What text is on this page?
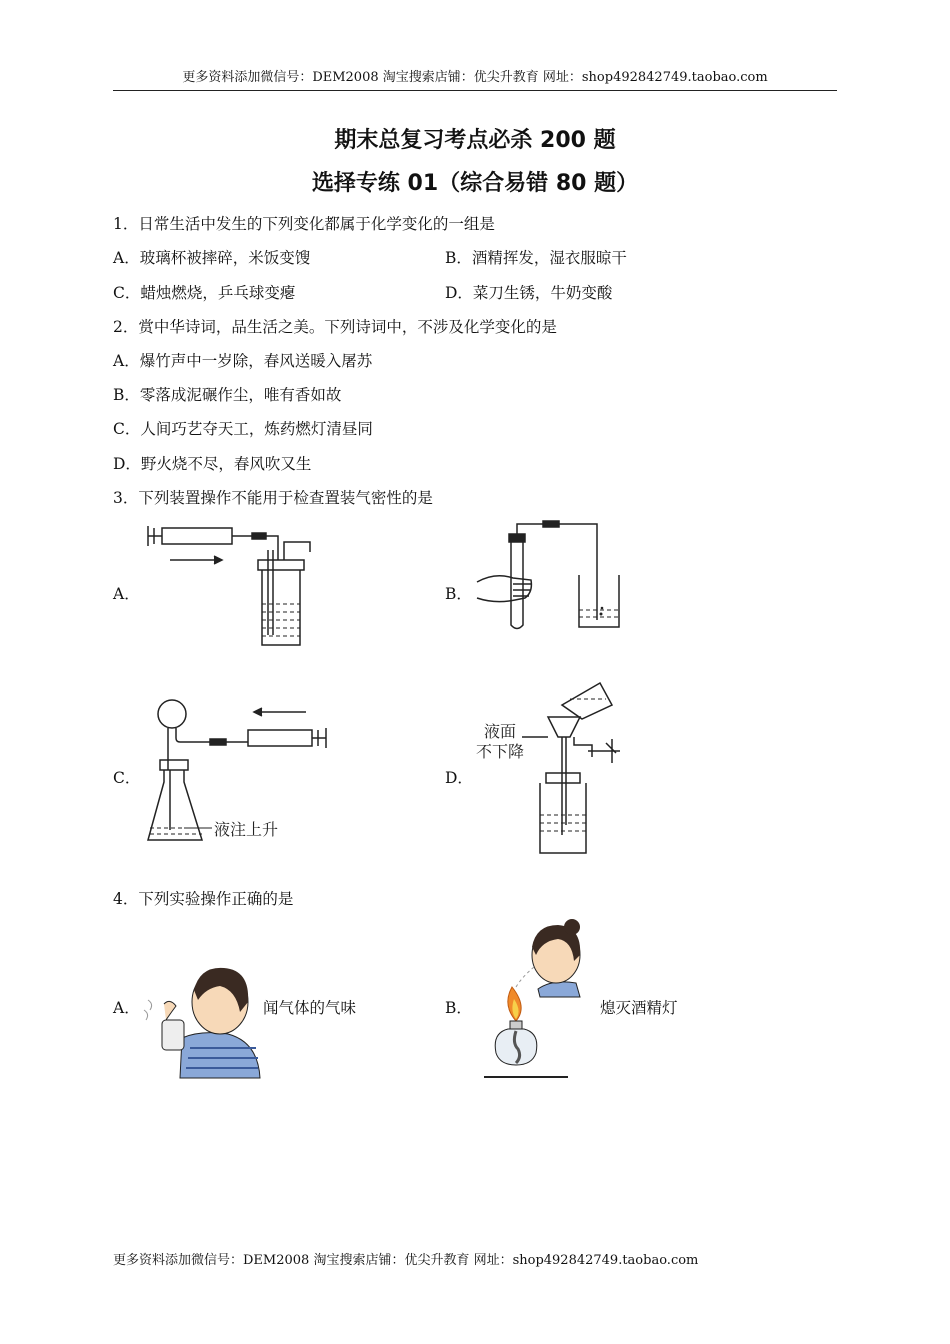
更多资料添加微信号：DEM2008 淘宝搜索店铺：优尖升教育 网址：shop492842749.taobao.com
期末总复习考点必杀 200 题
选择专练 01（综合易错 80 题）
1．日常生活中发生的下列变化都属于化学变化的一组是
A．玻璃杯被摔碎，米饭变馊	B．酒精挥发，湿衣服晾干
C．蜡烛燃烧，乒乓球变瘪	D．菜刀生锈，牛奶变酸
2．赏中华诗词，品生活之美。下列诗词中，不涉及化学变化的是
A．爆竹声中一岁除，春风送暖入屠苏
B．零落成泥碾作尘，唯有香如故
C．人间巧艺夺天工，炼药燃灯清昼同
D．野火烧不尽，春风吹又生
3．下列装置操作不能用于检查置装气密性的是
A．	B．
C．
液注上升
D．
液面
不下降
4．下列实验操作正确的是
A．	闻气体的气味	B．	熄灭酒精灯
更多资料添加微信号：DEM2008 淘宝搜索店铺：优尖升教育 网址：shop492842749.taobao.com
